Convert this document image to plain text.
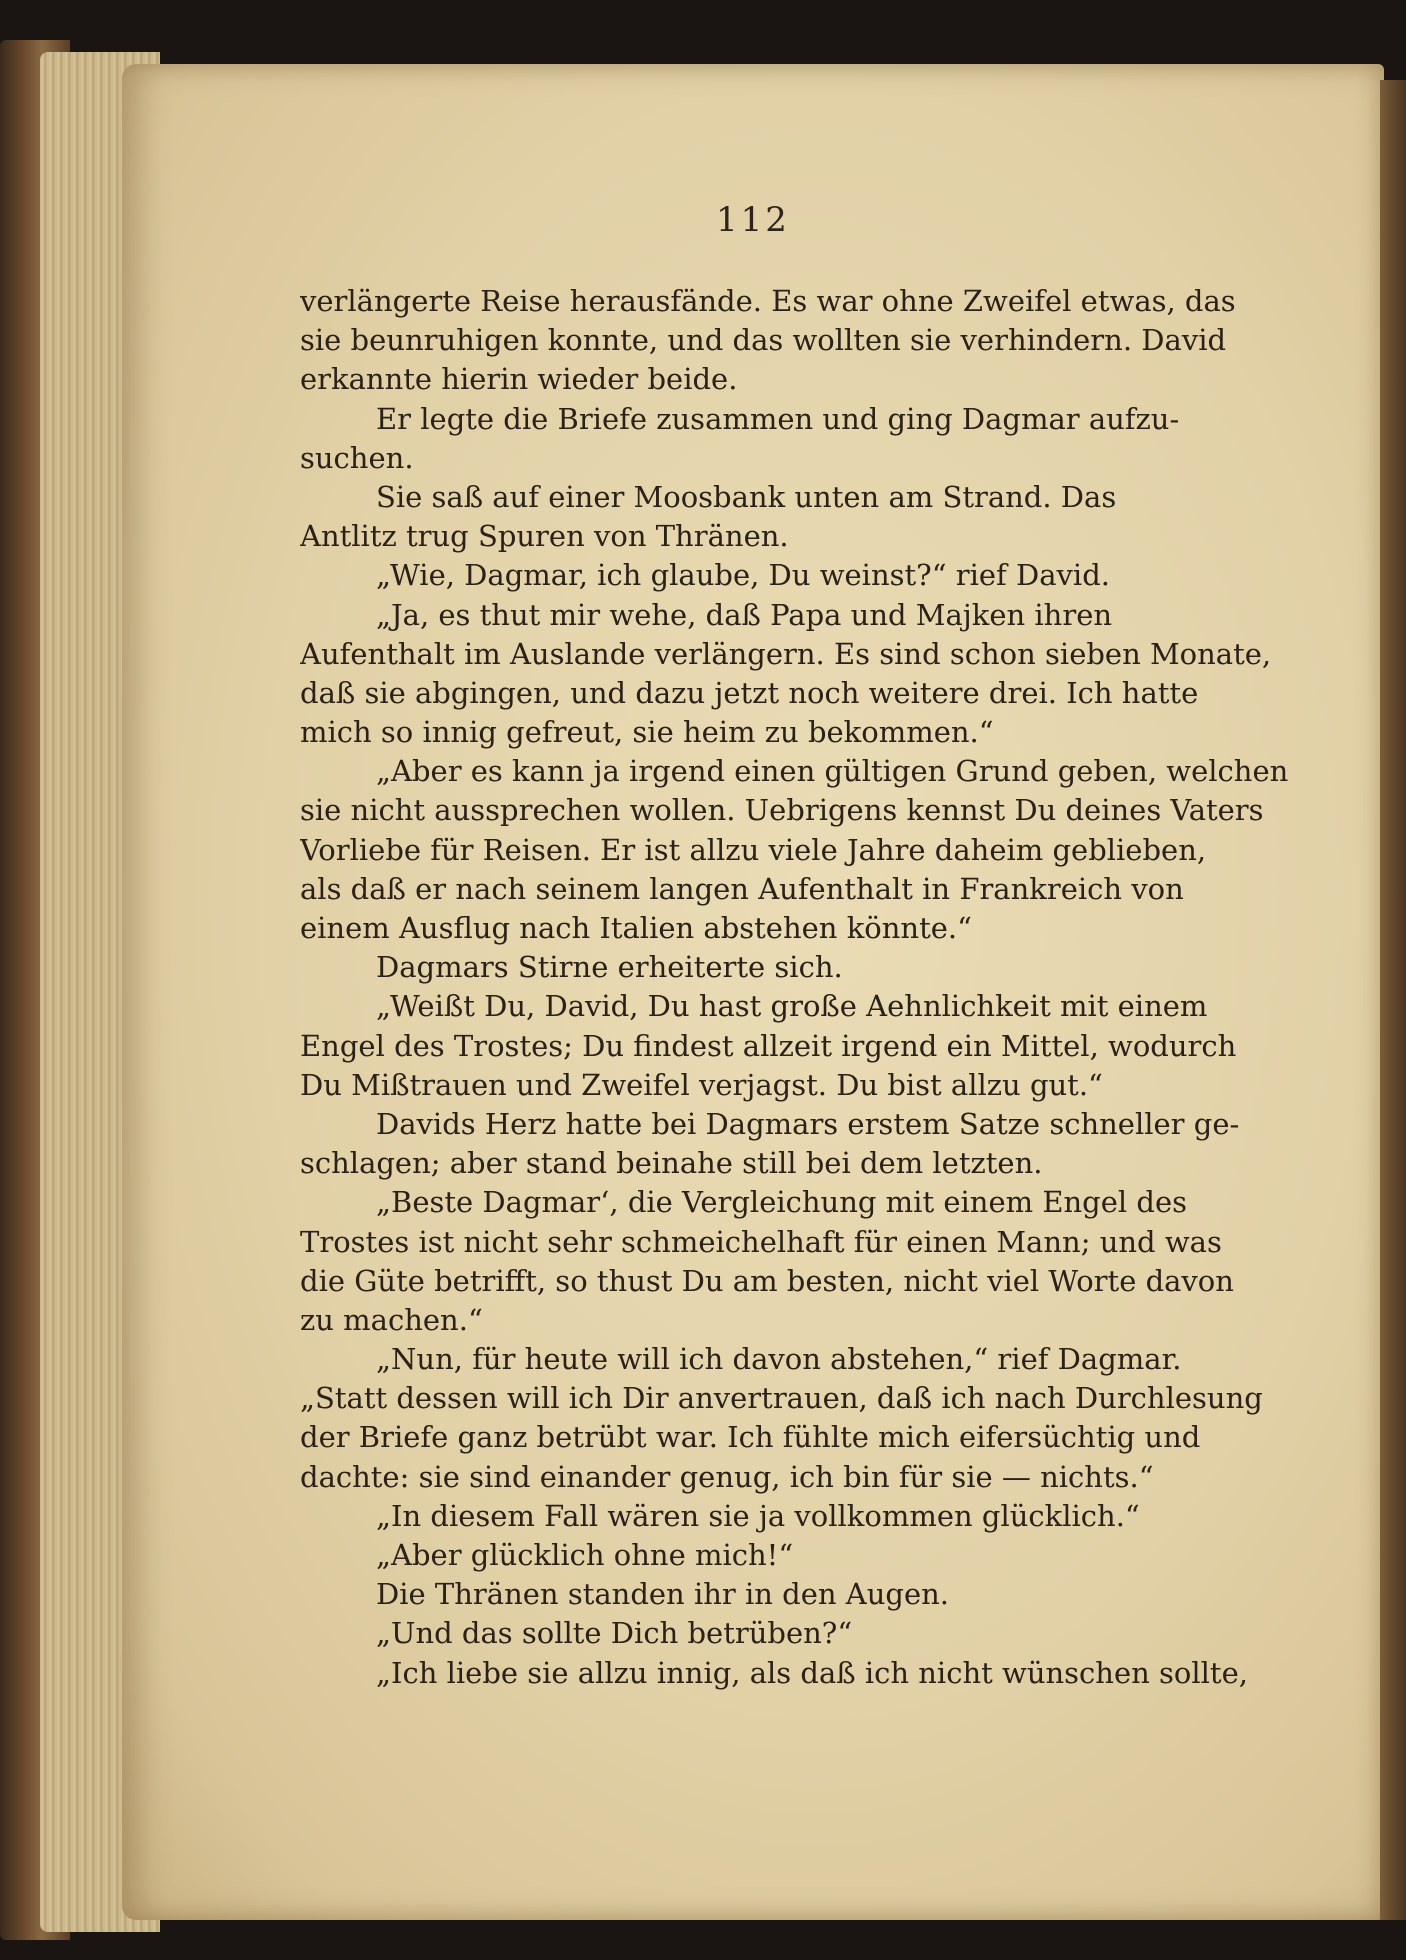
112
verlängerte Reise herausfände. Es war ohne Zweifel etwas, das
sie beunruhigen konnte, und das wollten sie verhindern. David
erkannte hierin wieder beide.
Er legte die Briefe zusammen und ging Dagmar aufzu-
suchen.
Sie saß auf einer Moosbank unten am Strand. Das
Antlitz trug Spuren von Thränen.
„Wie, Dagmar, ich glaube, Du weinst?“ rief David.
„Ja, es thut mir wehe, daß Papa und Majken ihren
Aufenthalt im Auslande verlängern. Es sind schon sieben Monate,
daß sie abgingen, und dazu jetzt noch weitere drei. Ich hatte
mich so innig gefreut, sie heim zu bekommen.“
„Aber es kann ja irgend einen gültigen Grund geben, welchen
sie nicht aussprechen wollen. Uebrigens kennst Du deines Vaters
Vorliebe für Reisen. Er ist allzu viele Jahre daheim geblieben,
als daß er nach seinem langen Aufenthalt in Frankreich von
einem Ausflug nach Italien abstehen könnte.“
Dagmars Stirne erheiterte sich.
„Weißt Du, David, Du hast große Aehnlichkeit mit einem
Engel des Trostes; Du findest allzeit irgend ein Mittel, wodurch
Du Mißtrauen und Zweifel verjagst. Du bist allzu gut.“
Davids Herz hatte bei Dagmars erstem Satze schneller ge-
schlagen; aber stand beinahe still bei dem letzten.
„Beste Dagmar‘, die Vergleichung mit einem Engel des
Trostes ist nicht sehr schmeichelhaft für einen Mann; und was
die Güte betrifft, so thust Du am besten, nicht viel Worte davon
zu machen.“
„Nun, für heute will ich davon abstehen,“ rief Dagmar.
„Statt dessen will ich Dir anvertrauen, daß ich nach Durchlesung
der Briefe ganz betrübt war. Ich fühlte mich eifersüchtig und
dachte: sie sind einander genug, ich bin für sie — nichts.“
„In diesem Fall wären sie ja vollkommen glücklich.“
„Aber glücklich ohne mich!“
Die Thränen standen ihr in den Augen.
„Und das sollte Dich betrüben?“
„Ich liebe sie allzu innig, als daß ich nicht wünschen sollte,
